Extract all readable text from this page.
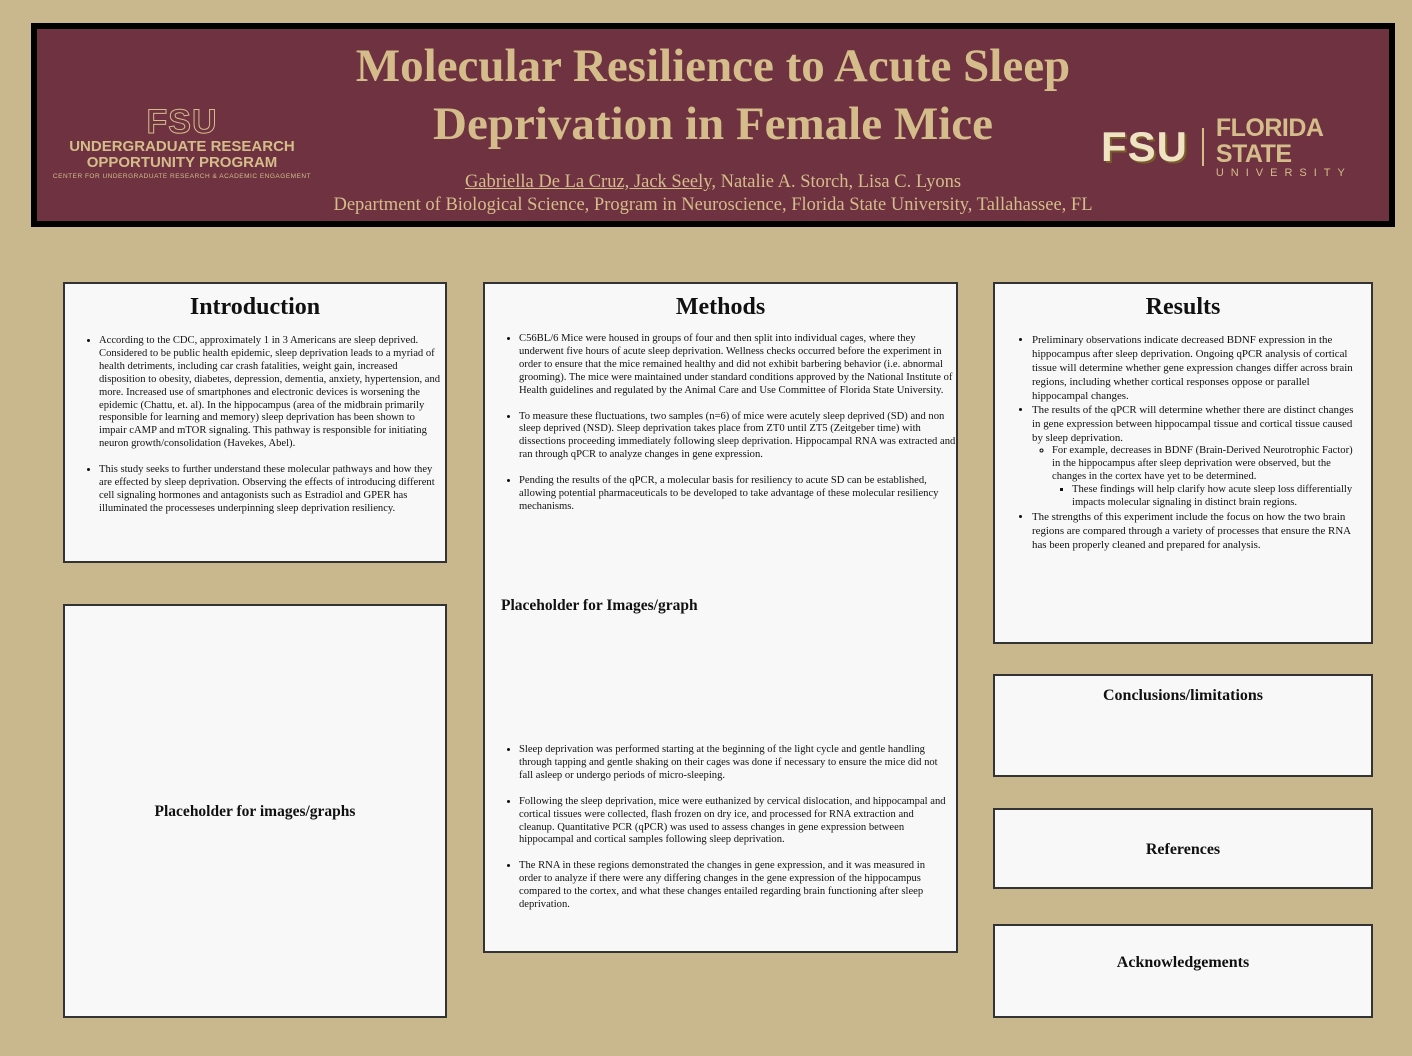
FSU
UNDERGRADUATE RESEARCH
OPPORTUNITY PROGRAM
CENTER FOR UNDERGRADUATE RESEARCH & ACADEMIC ENGAGEMENT
Molecular Resilience to Acute Sleep
Deprivation in Female Mice	FSU FLORIDA STATE
UNIVERSITY
Gabriella De La Cruz, Jack Seely, Natalie A. Storch, Lisa C. Lyons
Department of Biological Science, Program in Neuroscience, Florida State University, Tallahassee, FL
Introduction
• According to the CDC, approximately 1 in 3 Americans are sleep deprived. Considered to be public health epidemic, sleep deprivation leads to a myriad of health detriments, including car crash fatalities, weight gain, increased disposition to obesity, diabetes, depression, dementia, anxiety, hypertension, and more. Increased use of smartphones and electronic devices is worsening the epidemic (Chattu, et. al). In the hippocampus (area of the midbrain primarily responsible for learning and memory) sleep deprivation has been shown to impair cAMP and mTOR signaling. This pathway is responsible for initiating neuron growth/consolidation (Havekes, Abel).
• This study seeks to further understand these molecular pathways and how they are effected by sleep deprivation. Observing the effects of introducing different cell signaling hormones and antagonists such as Estradiol and GPER has illuminated the processeses underpinning sleep deprivation resiliency.
Placeholder for images/graphs
Methods
• C56BL/6 Mice were housed in groups of four and then split into individual cages, where they underwent five hours of acute sleep deprivation. Wellness checks occurred before the experiment in order to ensure that the mice remained healthy and did not exhibit barbering behavior (i.e. abnormal grooming). The mice were maintained under standard conditions approved by the National Institute of Health guidelines and regulated by the Animal Care and Use Committee of Florida State University.
• To measure these fluctuations, two samples (n=6) of mice were acutely sleep deprived (SD) and non sleep deprived (NSD). Sleep deprivation takes place from ZT0 until ZT5 (Zeitgeber time) with dissections proceeding immediately following sleep deprivation. Hippocampal RNA was extracted and ran through qPCR to analyze changes in gene expression.
• Pending the results of the qPCR, a molecular basis for resiliency to acute SD can be established, allowing potential pharmaceuticals to be developed to take advantage of these molecular resiliency mechanisms.
Placeholder for Images/graph
• Sleep deprivation was performed starting at the beginning of the light cycle and gentle handling through tapping and gentle shaking on their cages was done if necessary to ensure the mice did not fall asleep or undergo periods of micro-sleeping.
• Following the sleep deprivation, mice were euthanized by cervical dislocation, and hippocampal and cortical tissues were collected, flash frozen on dry ice, and processed for RNA extraction and cleanup. Quantitative PCR (qPCR) was used to assess changes in gene expression between hippocampal and cortical samples following sleep deprivation.
• The RNA in these regions demonstrated the changes in gene expression, and it was measured in order to analyze if there were any differing changes in the gene expression of the hippocampus compared to the cortex, and what these changes entailed regarding brain functioning after sleep deprivation.
Results
• Preliminary observations indicate decreased BDNF expression in the hippocampus after sleep deprivation. Ongoing qPCR analysis of cortical tissue will determine whether gene expression changes differ across brain regions, including whether cortical responses oppose or parallel hippocampal changes.
• The results of the qPCR will determine whether there are distinct changes in gene expression between hippocampal tissue and cortical tissue caused by sleep deprivation.
◦ For example, decreases in BDNF (Brain-Derived Neurotrophic Factor) in the hippocampus after sleep deprivation were observed, but the changes in the cortex have yet to be determined.
▪ These findings will help clarify how acute sleep loss differentially impacts molecular signaling in distinct brain regions.
• The strengths of this experiment include the focus on how the two brain regions are compared through a variety of processes that ensure the RNA has been properly cleaned and prepared for analysis.
Conclusions/limitations
References
Acknowledgements
